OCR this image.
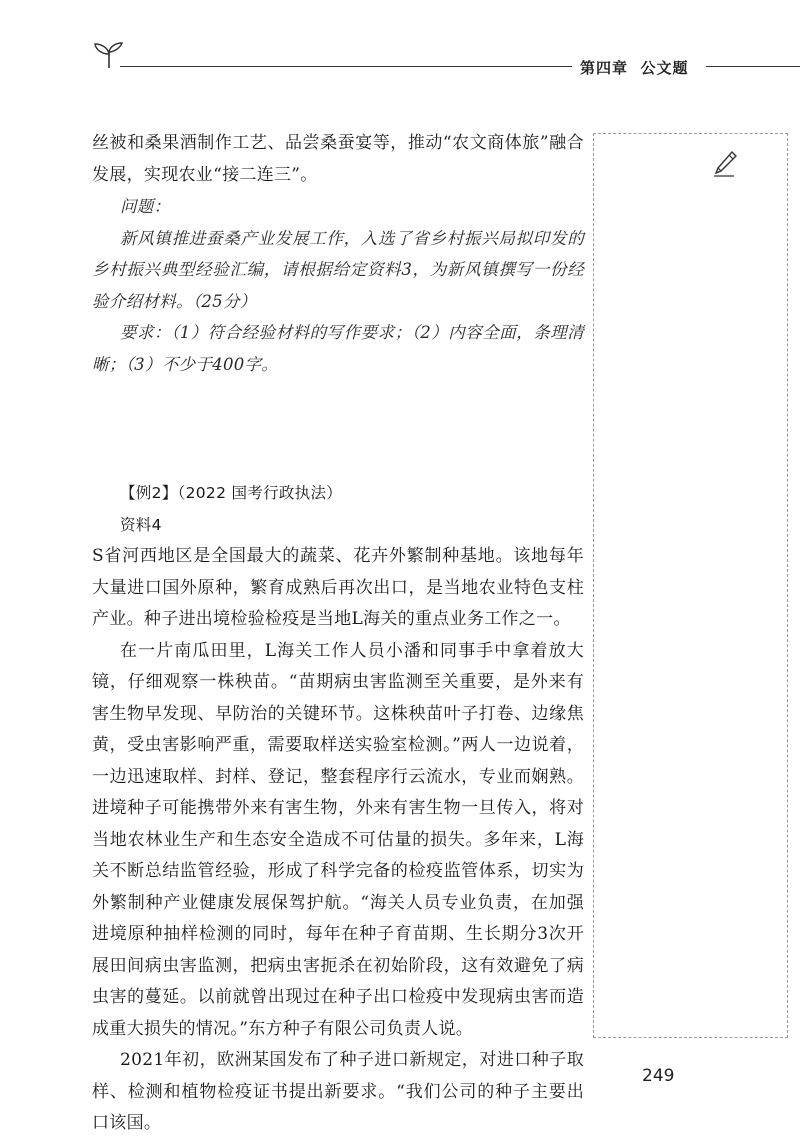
第四章 公文题

丝被和桑果酒制作工艺、品尝桑蚕宴等，推动“农文商体旅”融合发展，实现农业“接二连三”。

问题：

新风镇推进蚕桑产业发展工作，入选了省乡村振兴局拟印发的乡村振兴典型经验汇编，请根据给定资料3，为新风镇撰写一份经验介绍材料。（25分）

要求：（1）符合经验材料的写作要求；（2）内容全面，条理清晰；（3）不少于400字。

【例2】（2022 国考行政执法）

资料4

S省河西地区是全国最大的蔬菜、花卉外繁制种基地。该地每年大量进口国外原种，繁育成熟后再次出口，是当地农业特色支柱产业。种子进出境检验检疫是当地L海关的重点业务工作之一。

在一片南瓜田里，L海关工作人员小潘和同事手中拿着放大镜，仔细观察一株秧苗。“苗期病虫害监测至关重要，是外来有害生物早发现、早防治的关键环节。这株秧苗叶子打卷、边缘焦黄，受虫害影响严重，需要取样送实验室检测。”两人一边说着，一边迅速取样、封样、登记，整套程序行云流水，专业而娴熟。进境种子可能携带外来有害生物，外来有害生物一旦传入，将对当地农林业生产和生态安全造成不可估量的损失。多年来，L海关不断总结监管经验，形成了科学完备的检疫监管体系，切实为外繁制种产业健康发展保驾护航。“海关人员专业负责，在加强进境原种抽样检测的同时，每年在种子育苗期、生长期分3次开展田间病虫害监测，把病虫害扼杀在初始阶段，这有效避免了病虫害的蔓延。以前就曾出现过在种子出口检疫中发现病虫害而造成重大损失的情况。”东方种子有限公司负责人说。

2021年初，欧洲某国发布了种子进口新规定，对进口种子取样、检测和植物检疫证书提出新要求。“我们公司的种子主要出口该国。

249
